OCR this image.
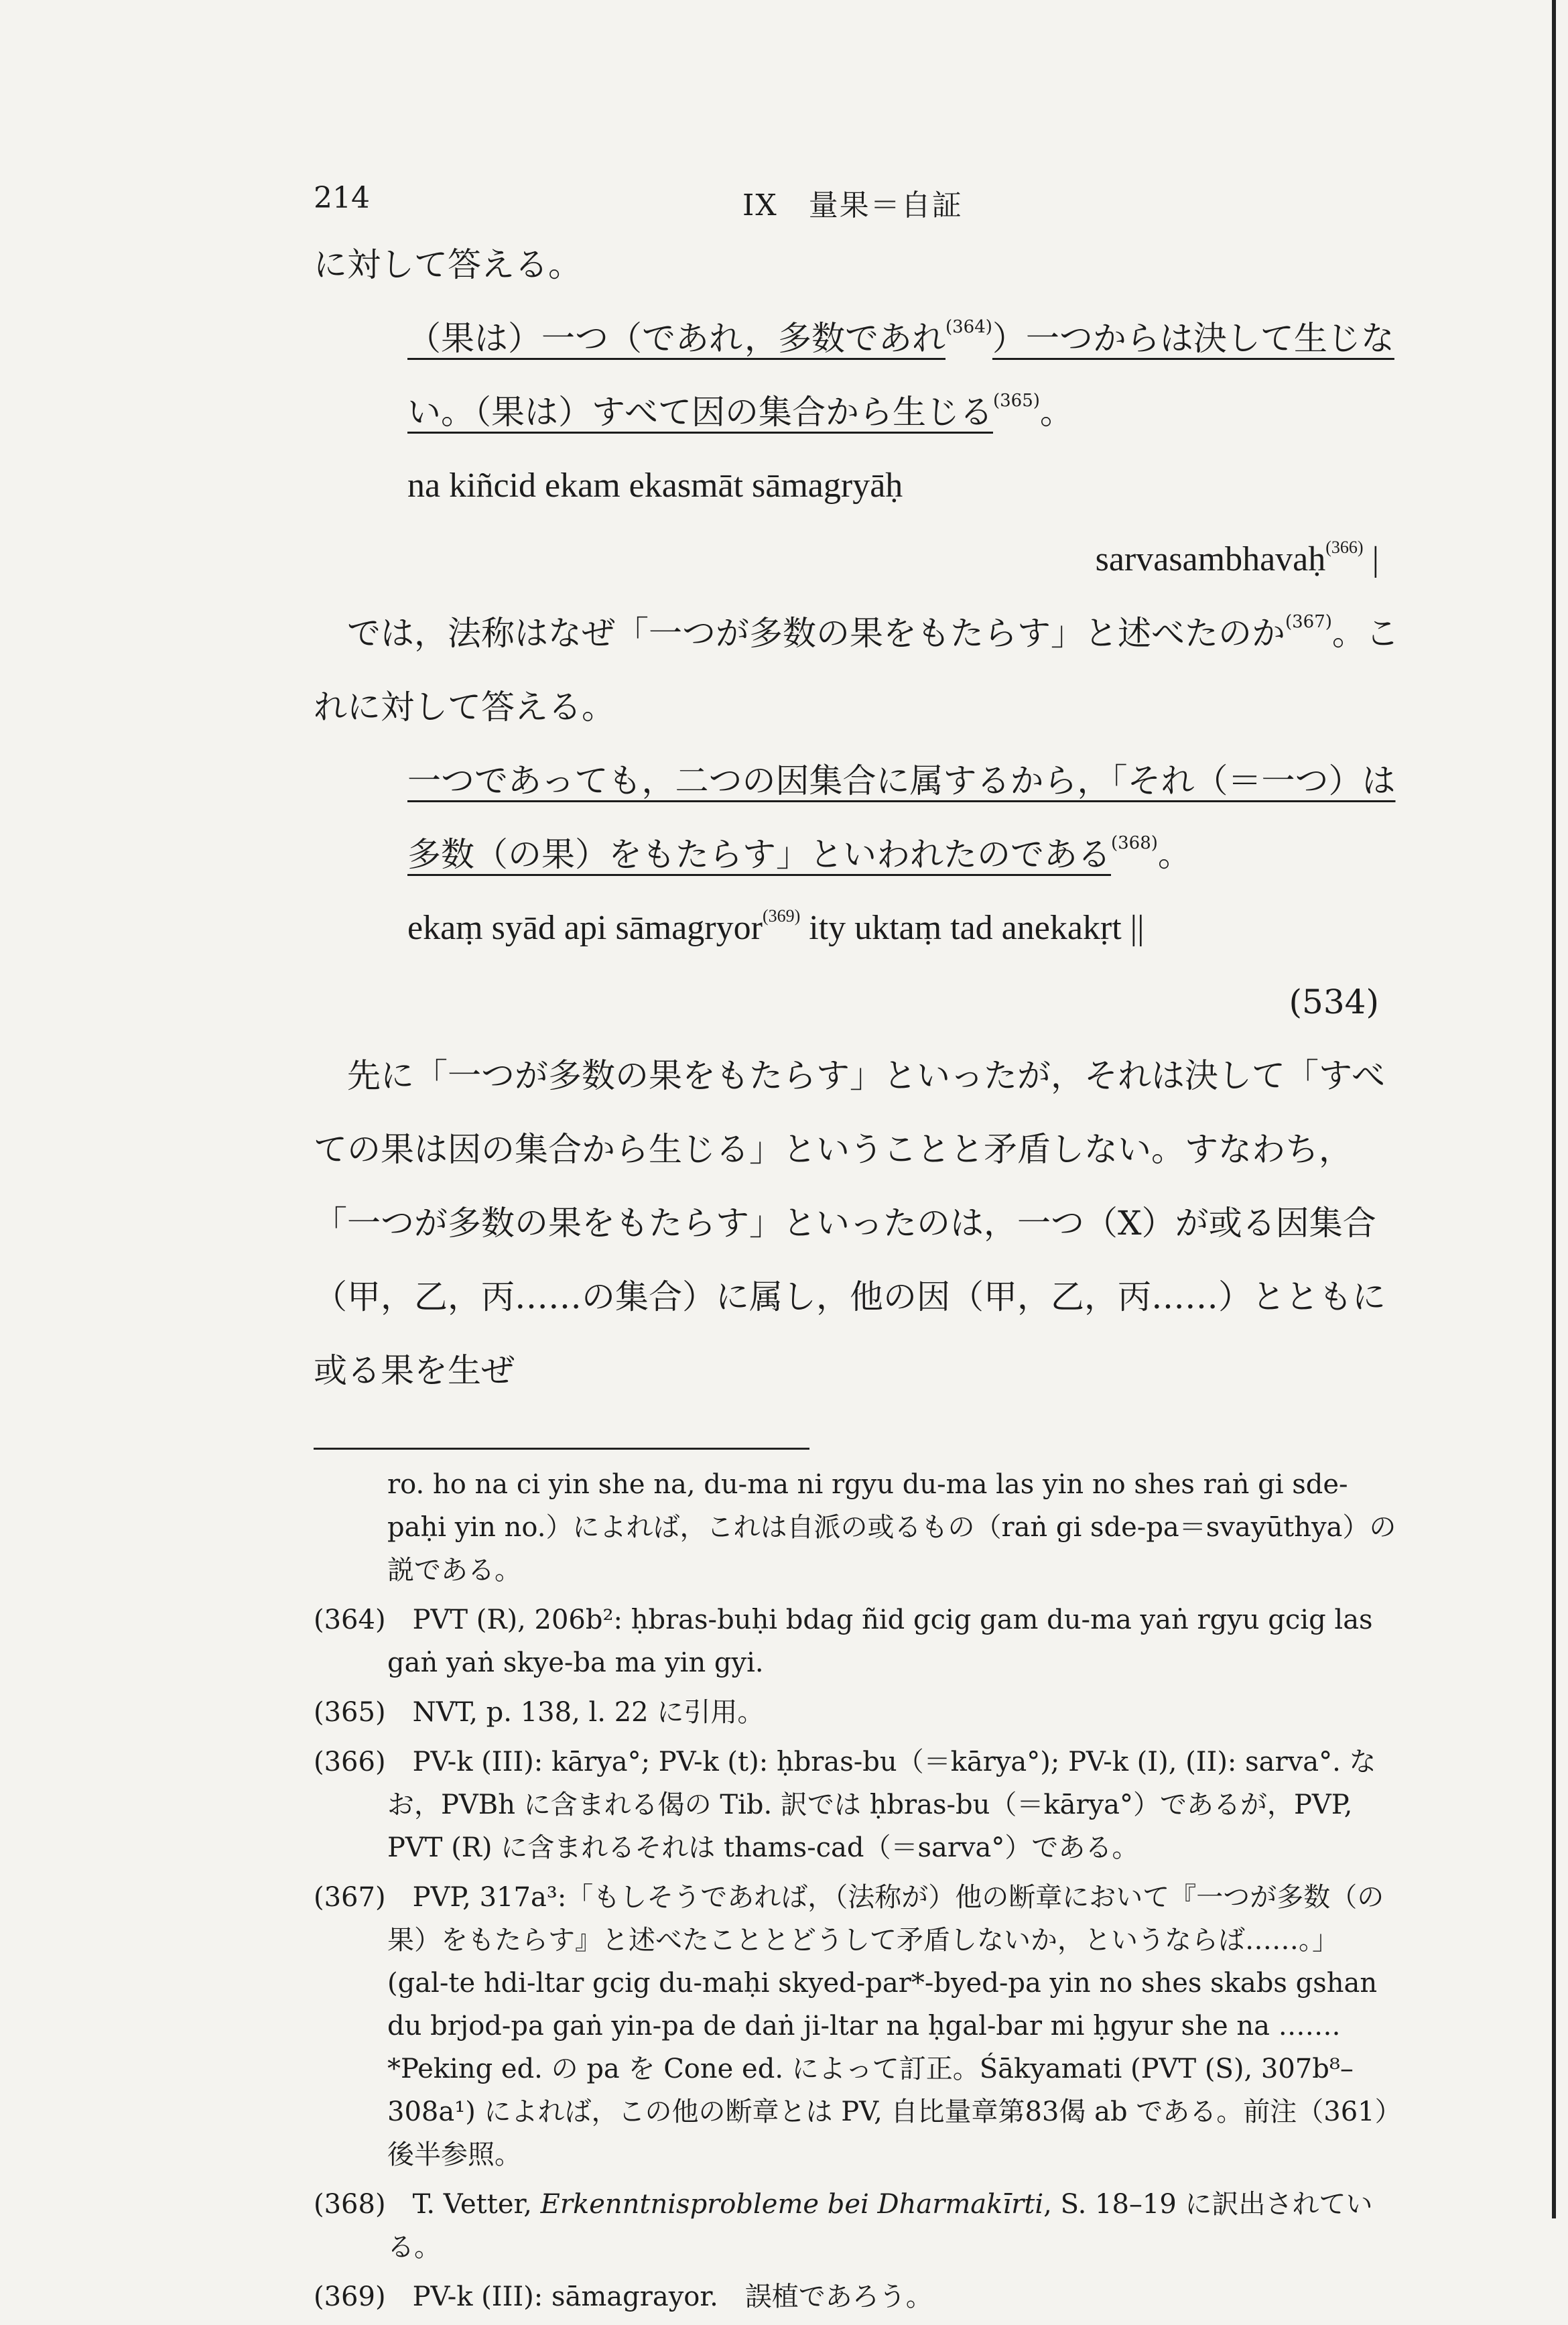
214	IX　量果＝自証

に対して答える。

（果は）一つ（であれ，多数であれ$^{(364)}$）一つからは決して生じない。（果は）すべて因の集合から生じる$^{(365)}$。

na kiñcid ekam ekasmāt sāmagryāḥ

sarvasambhavaḥ$^{(366)}$ |

では，法称はなぜ「一つが多数の果をもたらす」と述べたのか$^{(367)}$。これに対して答える。

一つであっても，二つの因集合に属するから，「それ（＝一つ）は多数（の果）をもたらす」といわれたのである$^{(368)}$。

ekaṃ syād api sāmagryor$^{(369)}$ ity uktaṃ tad anekakṛt ||

(534)

先に「一つが多数の果をもたらす」といったが，それは決して「すべての果は因の集合から生じる」ということと矛盾しない。すなわち，「一つが多数の果をもたらす」といったのは，一つ（X）が或る因集合（甲，乙，丙……の集合）に属し，他の因（甲，乙，丙……）とともに或る果を生ぜ

ro. ho na ci yin she na, du-ma ni rgyu du-ma las yin no shes raṅ gi sde-paḥi yin no.）によれば，これは自派の或るもの（raṅ gi sde-pa＝svayūthya）の説である。

(364)　 PVT (R), 206b²: ḥbras-buḥi bdag ñid gcig gam du-ma yaṅ rgyu gcig las gaṅ yaṅ skye-ba ma yin gyi.

(365)　 NVT, p. 138, l. 22 に引用。

(366)　 PV-k (III): kārya°; PV-k (t): ḥbras-bu（＝kārya°); PV-k (I), (II): sarva°. なお，PVBh に含まれる偈の Tib. 訳では ḥbras-bu（＝kārya°）であるが，PVP, PVT (R) に含まれるそれは thams-cad（＝sarva°）である。

(367)　 PVP, 317a³:「もしそうであれば，（法称が）他の断章において『一つが多数（の果）をもたらす』と述べたこととどうして矛盾しないか，というならば……。」(gal-te hdi-ltar gcig du-maḥi skyed-par*-byed-pa yin no shes skabs gshan du brjod-pa gaṅ yin-pa de daṅ ji-ltar na ḥgal-bar mi ḥgyur she na ……. *Peking ed. の pa を Cone ed. によって訂正。Śākyamati (PVT (S), 307b⁸–308a¹) によれば，この他の断章とは PV, 自比量章第83偈 ab である。前注（361）後半参照。

(368)　 T. Vetter, Erkenntnisprobleme bei Dharmakīrti, S. 18–19 に訳出されている。

(369)　 PV-k (III): sāmagrayor.　誤植であろう。
